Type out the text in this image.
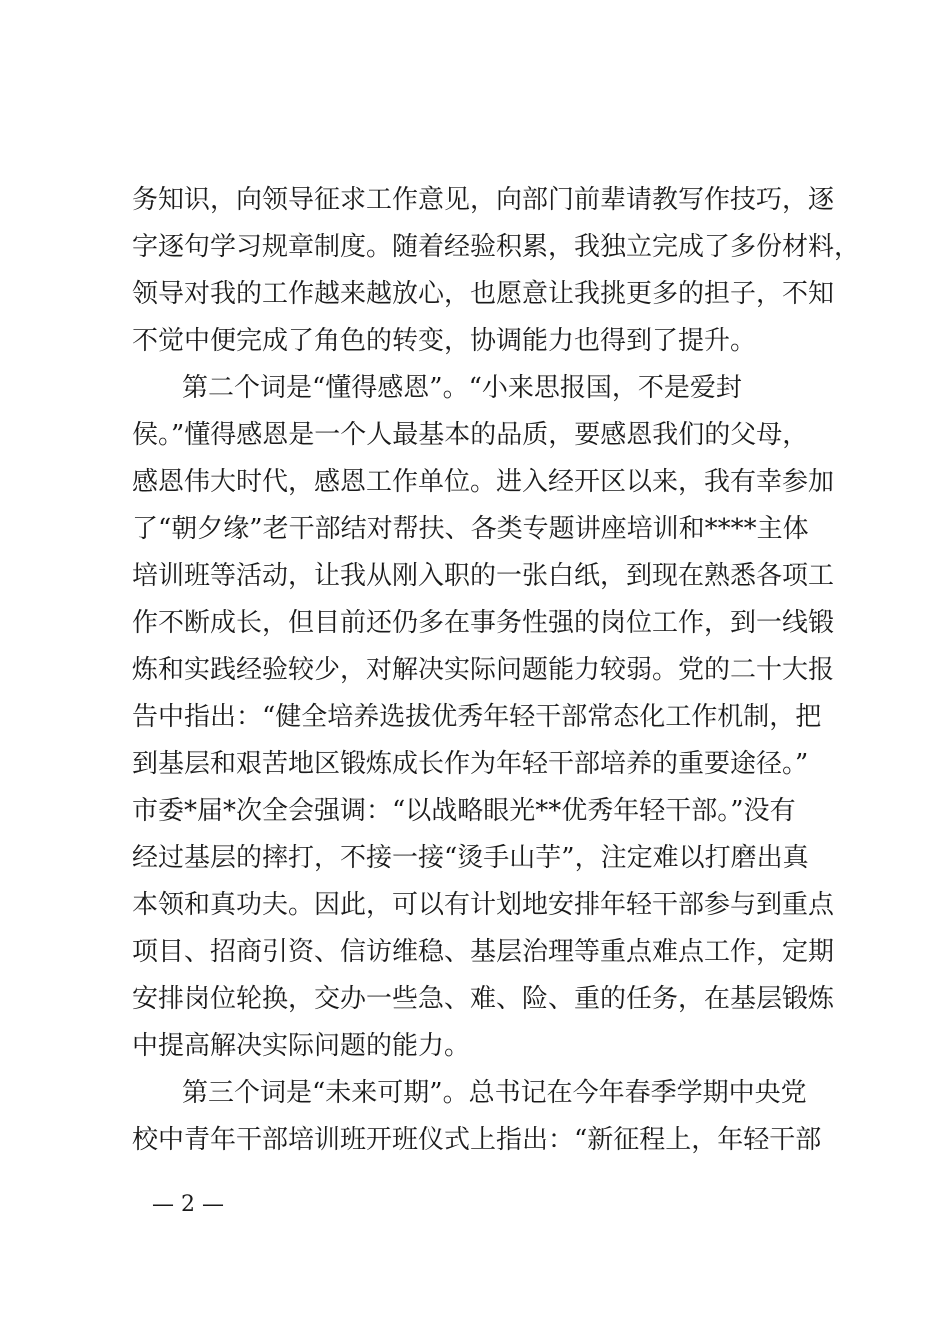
务知识，向领导征求工作意见，向部门前辈请教写作技巧，逐
字逐句学习规章制度。随着经验积累，我独立完成了多份材料，
领导对我的工作越来越放心，也愿意让我挑更多的担子，不知
不觉中便完成了角色的转变，协调能力也得到了提升。
第二个词是“懂得感恩”。“小来思报国，不是爱封
侯。”懂得感恩是一个人最基本的品质，要感恩我们的父母，
感恩伟大时代，感恩工作单位。进入经开区以来，我有幸参加
了“朝夕缘”老干部结对帮扶、各类专题讲座培训和****主体
培训班等活动，让我从刚入职的一张白纸，到现在熟悉各项工
作不断成长，但目前还仍多在事务性强的岗位工作，到一线锻
炼和实践经验较少，对解决实际问题能力较弱。党的二十大报
告中指出：“健全培养选拔优秀年轻干部常态化工作机制，把
到基层和艰苦地区锻炼成长作为年轻干部培养的重要途径。”
市委*届*次全会强调：“以战略眼光**优秀年轻干部。”没有
经过基层的摔打，不接一接“烫手山芋”，注定难以打磨出真
本领和真功夫。因此，可以有计划地安排年轻干部参与到重点
项目、招商引资、信访维稳、基层治理等重点难点工作，定期
安排岗位轮换，交办一些急、难、险、重的任务，在基层锻炼
中提高解决实际问题的能力。
第三个词是“未来可期”。总书记在今年春季学期中央党
校中青年干部培训班开班仪式上指出：“新征程上，年轻干部
— 2 —
